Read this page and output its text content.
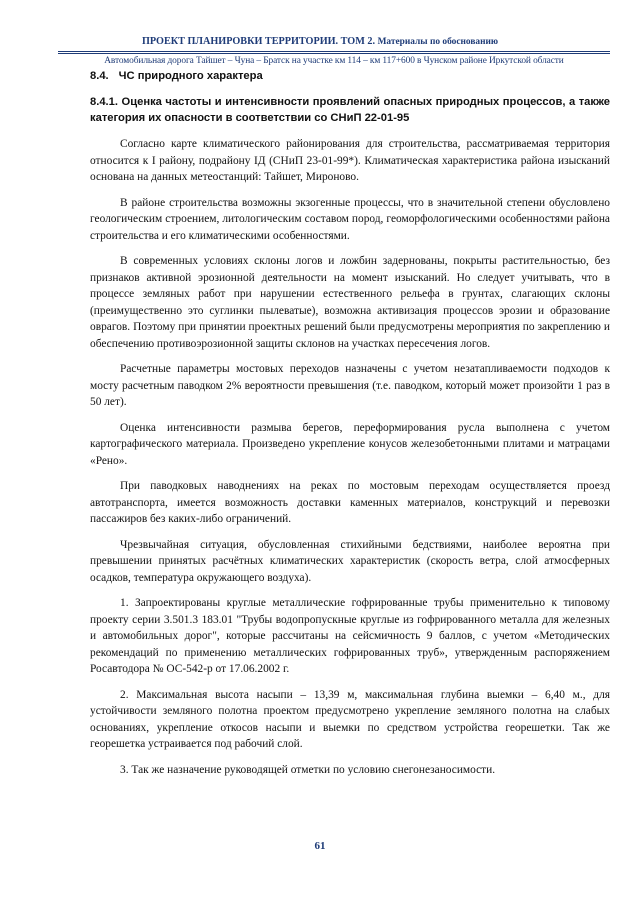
ПРОЕКТ ПЛАНИРОВКИ ТЕРРИТОРИИ. ТОМ 2. Материалы по обоснованию
Автомобильная дорога Тайшет – Чуна – Братск на участке км 114 – км 117+600 в Чунском районе Иркутской области
8.4. ЧС природного характера
8.4.1. Оценка частоты и интенсивности проявлений опасных природных процессов, а также категория их опасности в соответствии со СНиП 22-01-95

Согласно карте климатического районирования для строительства, рассматриваемая территория относится к I району, подрайону IД (СНиП 23-01-99*). Климатическая характеристика района изысканий основана на данных метеостанций: Тайшет, Мироново.

В районе строительства возможны экзогенные процессы, что в значительной степени обусловлено геологическим строением, литологическим составом пород, геоморфологическими особенностями района строительства и его климатическими особенностями.

В современных условиях склоны логов и ложбин задернованы, покрыты растительностью, без признаков активной эрозионной деятельности на момент изысканий. Но следует учитывать, что в процессе земляных работ при нарушении естественного рельефа в грунтах, слагающих склоны (преимущественно это суглинки пылеватые), возможна активизация процессов эрозии и образование оврагов. Поэтому при принятии проектных решений были предусмотрены мероприятия по закреплению и обеспечению противоэрозионной защиты склонов на участках пересечения логов.

Расчетные параметры мостовых переходов назначены с учетом незатапливаемости подходов к мосту расчетным паводком 2% вероятности превышения (т.е. паводком, который может произойти 1 раз в 50 лет).

Оценка интенсивности размыва берегов, переформирования русла выполнена с учетом картографического материала. Произведено укрепление конусов железобетонными плитами и матрацами «Рено».

При паводковых наводнениях на реках по мостовым переходам осуществляется проезд автотранспорта, имеется возможность доставки каменных материалов, конструкций и перевозки пассажиров без каких-либо ограничений.

Чрезвычайная ситуация, обусловленная стихийными бедствиями, наиболее вероятна при превышении принятых расчётных климатических характеристик (скорость ветра, слой атмосферных осадков, температура окружающего воздуха).

1. Запроектированы круглые металлические гофрированные трубы применительно к типовому проекту серии 3.501.3 183.01 "Трубы водопропускные круглые из гофрированного металла для железных и автомобильных дорог", которые рассчитаны на сейсмичность 9 баллов, с учетом «Методических рекомендаций по применению металлических гофрированных труб», утвержденным распоряжением Росавтодора № ОС-542-р от 17.06.2002 г.

2. Максимальная высота насыпи – 13,39 м, максимальная глубина выемки – 6,40 м., для устойчивости земляного полотна проектом предусмотрено укрепление земляного полотна на слабых основаниях, укрепление откосов насыпи и выемки по средством устройства георешетки. Так же георешетка устраивается под рабочий слой.

3. Так же назначение руководящей отметки по условию снегонезаносимости.

61
